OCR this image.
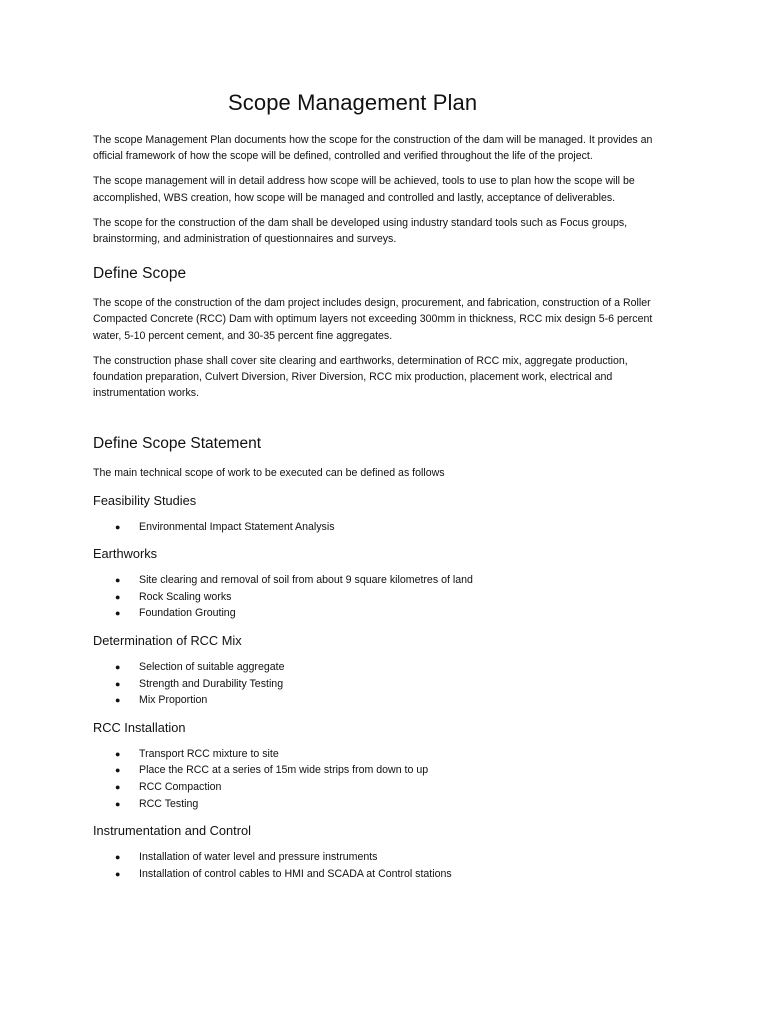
Scope Management Plan

The scope Management Plan documents how the scope for the construction of the dam will be managed. It provides an official framework of how the scope will be defined, controlled and verified throughout the life of the project.

The scope management will in detail address how scope will be achieved, tools to use to plan how the scope will be accomplished, WBS creation, how scope will be managed and controlled and lastly, acceptance of deliverables.

The scope for the construction of the dam shall be developed using industry standard tools such as Focus groups, brainstorming, and administration of questionnaires and surveys.

Define Scope

The scope of the construction of the dam project includes design, procurement, and fabrication, construction of a Roller Compacted Concrete (RCC) Dam with optimum layers not exceeding 300mm in thickness, RCC mix design 5-6 percent water, 5-10 percent cement, and 30-35 percent fine aggregates.

The construction phase shall cover site clearing and earthworks, determination of RCC mix, aggregate production, foundation preparation, Culvert Diversion, River Diversion, RCC mix production, placement work, electrical and instrumentation works.

Define Scope Statement

The main technical scope of work to be executed can be defined as follows

Feasibility Studies
● Environmental Impact Statement Analysis
Earthworks
● Site clearing and removal of soil from about 9 square kilometres of land
● Rock Scaling works
● Foundation Grouting
Determination of RCC Mix
● Selection of suitable aggregate
● Strength and Durability Testing
● Mix Proportion
RCC Installation
● Transport RCC mixture to site
● Place the RCC at a series of 15m wide strips from down to up
● RCC Compaction
● RCC Testing
Instrumentation and Control
● Installation of water level and pressure instruments
● Installation of control cables to HMI and SCADA at Control stations
